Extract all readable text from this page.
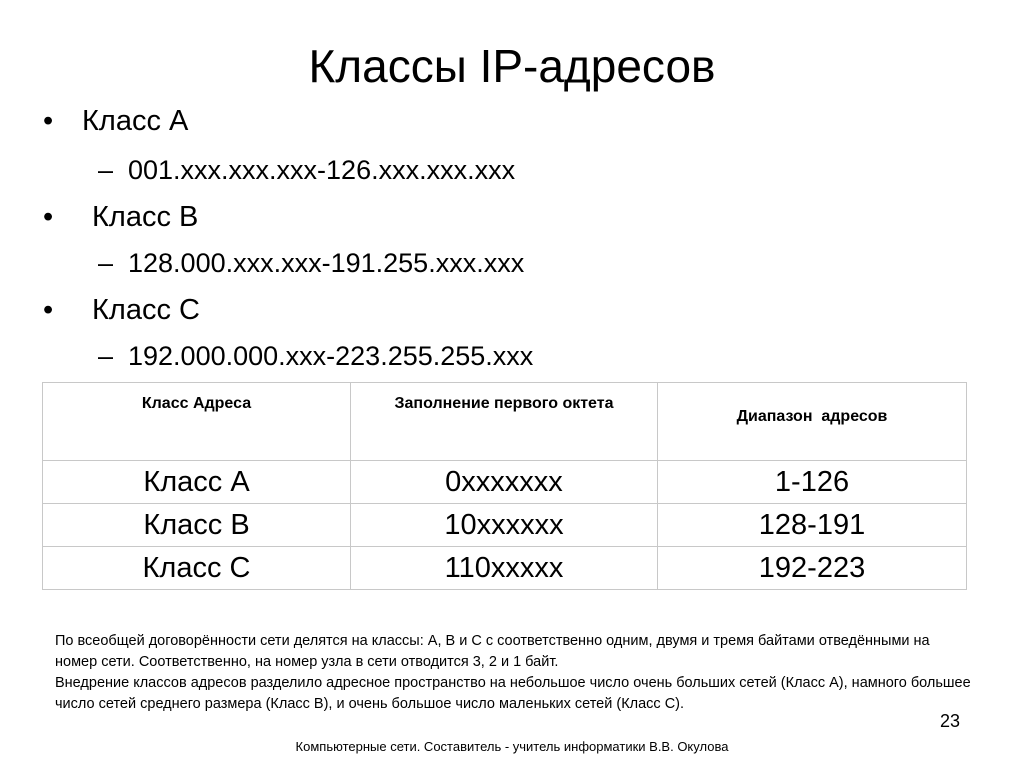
Классы IP-адресов
• Класс А
– 001.xxx.xxx.xxx-126.xxx.xxx.xxx
• Класс В
– 128.000.xxx.xxx-191.255.xxx.xxx
• Класс С
– 192.000.000.xxx-223.255.255.xxx
Класс Адреса	Заполнение первого октета	Диапазон  адресов

Класс А	0xxxxxxx	1-126
Класс В	10xxxxxx	128-191
Класс С	110xxxxx	192-223
По всеобщей договорённости сети делятся на классы: A, B и C с соответственно одним, двумя и тремя байтами отведёнными на номер сети. Соответственно, на номер узла в сети отводится 3, 2 и 1 байт.
Внедрение классов адресов разделило адресное пространство на небольшое число очень больших сетей (Класс A), намного большее число сетей среднего размера (Класс B), и очень большое число маленьких сетей (Класс C).
23
Компьютерные сети. Составитель - учитель информатики В.В. Окулова
